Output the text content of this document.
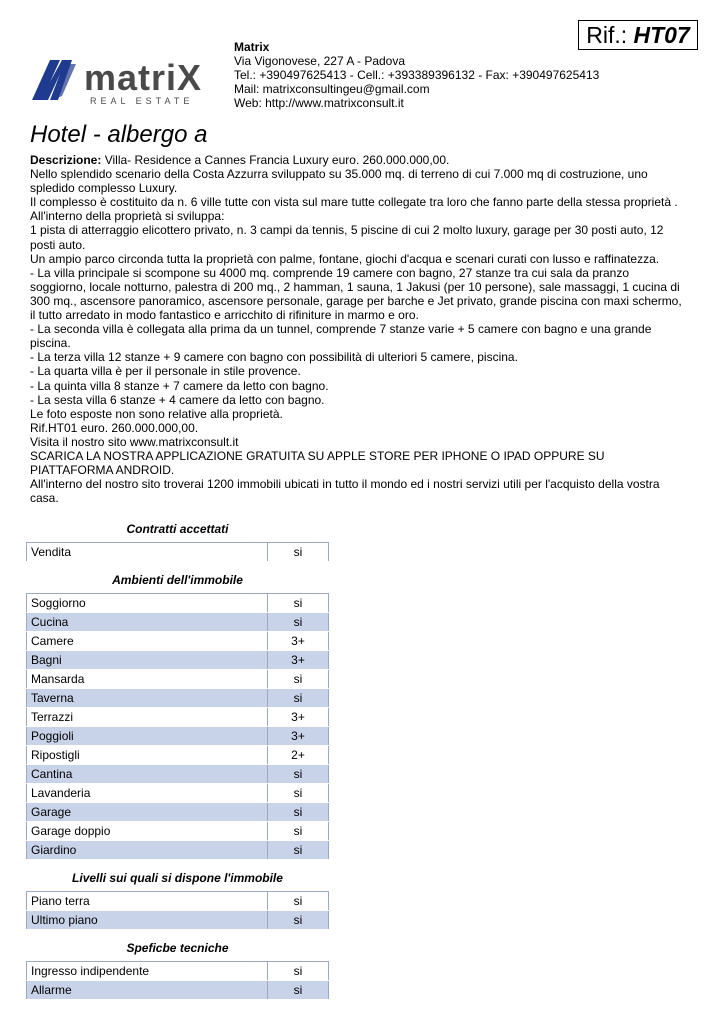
matriX
REAL ESTATE
Matrix
Via Vigonovese, 227 A - Padova
Tel.: +390497625413 - Cell.: +393389396132 - Fax: +390497625413
Mail: matrixconsultingeu@gmail.com
Web: http://www.matrixconsult.it
Rif.: HT07
Hotel - albergo a
Descrizione: Villa- Residence a Cannes Francia Luxury euro. 260.000.000,00.
Nello splendido scenario della Costa Azzurra sviluppato su 35.000 mq. di terreno di cui 7.000 mq di costruzione, uno
spledido complesso Luxury.
Il complesso è costituito da n. 6 ville tutte con vista sul mare tutte collegate tra loro che fanno parte della stessa proprietà .
All'interno della proprietà si sviluppa:
1 pista di atterraggio elicottero privato, n. 3 campi da tennis, 5 piscine di cui 2 molto luxury, garage per 30 posti auto, 12
posti auto.
Un ampio parco circonda tutta la proprietà con palme, fontane, giochi d'acqua e scenari curati con lusso e raffinatezza.
- La villa principale si scompone su 4000 mq. comprende 19 camere con bagno, 27 stanze tra cui sala da pranzo
soggiorno, locale notturno, palestra di 200 mq., 2 hamman, 1 sauna, 1 Jakusi (per 10 persone), sale massaggi, 1 cucina di
300 mq., ascensore panoramico, ascensore personale, garage per barche e Jet privato, grande piscina con maxi schermo,
il tutto arredato in modo fantastico e arricchito di rifiniture in marmo e oro.
- La seconda villa è collegata alla prima da un tunnel, comprende 7 stanze varie + 5 camere con bagno e una grande
piscina.
- La terza villa 12 stanze + 9 camere con bagno con possibilità di ulteriori 5 camere, piscina.
- La quarta villa è per il personale in stile provence.
- La quinta villa 8 stanze + 7 camere da letto con bagno.
- La sesta villa 6 stanze + 4 camere da letto con bagno.
Le foto esposte non sono relative alla proprietà.
Rif.HT01 euro. 260.000.000,00.
Visita il nostro sito www.matrixconsult.it
SCARICA LA NOSTRA APPLICAZIONE GRATUITA SU APPLE STORE PER IPHONE O IPAD OPPURE SU
PIATTAFORMA ANDROID.
All'interno del nostro sito troverai 1200 immobili ubicati in tutto il mondo ed i nostri servizi utili per l'acquisto della vostra
casa.
Contratti accettati
Vendita	si
Ambienti dell'immobile
Soggiorno	si
Cucina	si
Camere	3+
Bagni	3+
Mansarda	si
Taverna	si
Terrazzi	3+
Poggioli	3+
Ripostigli	2+
Cantina	si
Lavanderia	si
Garage	si
Garage doppio	si
Giardino	si
Livelli sui quali si dispone l'immobile
Piano terra	si
Ultimo piano	si
Speficbe tecniche
Ingresso indipendente	si
Allarme	si
